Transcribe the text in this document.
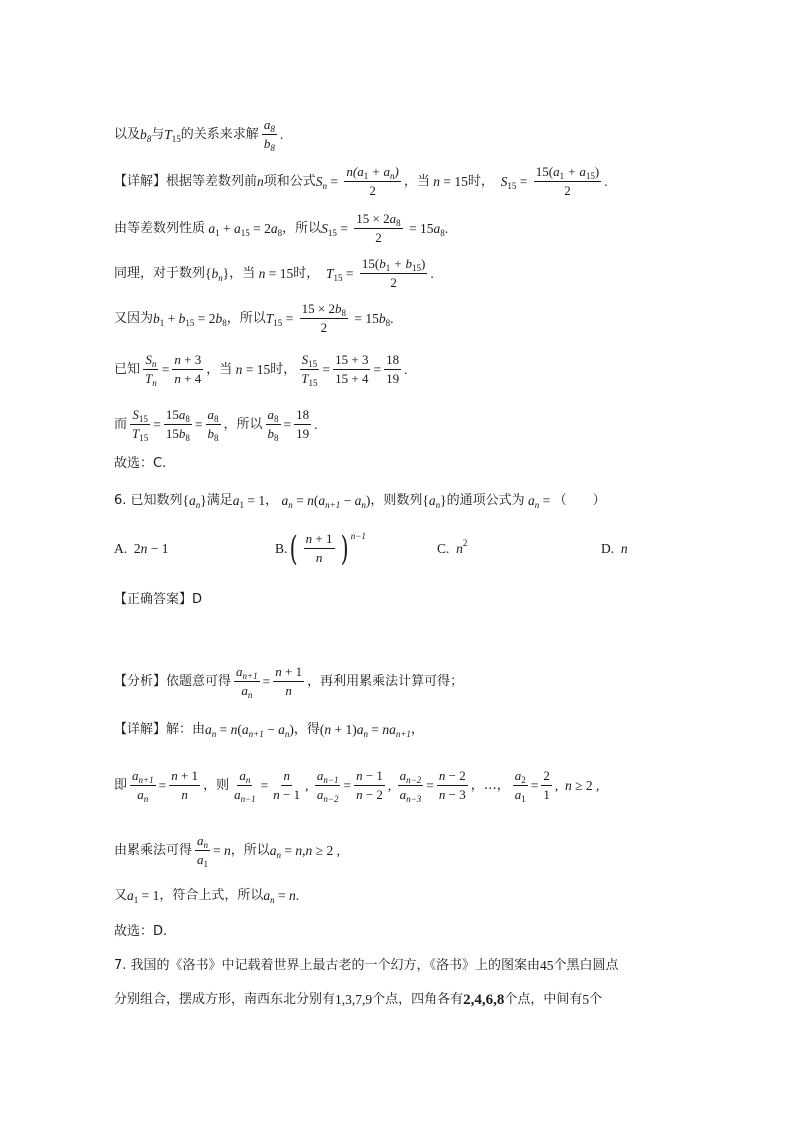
以及 $b_8$ 与 T $_{15}$ 的关系来求解 $\frac{a_8}{b_8}$ .
【详解】 根据等差数列前 n 项和公式 $S_n = \frac{n(a_1 + a_n)}{2}$ ，当 n = 15 时， S $_{15} = \frac{15(a_1 + a_{15})}{2}$ .
由等差数列性质 a $_1$ + a $_{15}$ = 2 a $_8$ ，所以 S $_{15} = \frac{15 \times 2a_8}{2} = 15$ a $_8$.
同理，对于数列 { $b_n$ } ，当 n = 15 时， T $_{15} = \frac{15(b_1 + b_{15})}{2}$ .
又因为 b $_1$ + b $_{15}$ = 2 b $_8$ ，所以 T $_{15} = \frac{15 \times 2b_8}{2} = 15$ b $_8$.
已知 $\frac{S_n}{T_n} = \frac{n + 3}{n + 4}$ ，当 n = 15 时， $\frac{S_{15}}{T_{15}} = \frac{15 + 3}{15 + 4} = \frac{18}{19}$ .
而 $\frac{S_{15}}{T_{15}} = \frac{15a_8}{15b_8} = \frac{a_8}{b_8}$ ，所以 $\frac{a_8}{b_8} = \frac{18}{19}$ .
故选：C.
6. 已知数列 { $a_n$ } 满足 a $_1$ = 1 ， $a_n = n$ ( $a_{n+1} - a_n$ ) ，则数列 { $a_n$ } 的通项公式为 $a_n$ = （　　）
A. 2 n − 1	B. ( $\frac{n + 1}{n}$ ) n−1
C. $n^2$	D. n
【正确答案】D
【分析】 依题意可得 $\frac{a_{n+1}}{a_n} = \frac{n + 1}{n}$ ，再利用累乘法计算可得；
【详解】 解：由 $a_n = n$ ( $a_{n+1} - a_n$ ) ，得 ( n + 1) $a_n = na_{n+1}$ ，
即 $\frac{a_{n+1}}{a_n} = \frac{n + 1}{n}$ ，则 $\frac{a_n}{a_{n-1}} = \frac{n}{n - 1}$ , $\frac{a_{n-1}}{a_{n-2}} = \frac{n - 1}{n - 2}$ , $\frac{a_{n-2}}{a_{n-3}} = \frac{n - 2}{n - 3}$ ，…， $\frac{a_2}{a_1} = \frac{2}{1}$ , n ≥ 2 ,
由累乘法可得 $\frac{a_n}{a_1} = n$ ，所以 $a_n = n$ , n ≥ 2 ,
又 a $_1$ = 1 ，符合上式，所以 $a_n = n$ .
故选：D.
7. 我国的《洛书》中记载着世界上最古老的一个幻方，《洛书》上的图案由 45 个黑白圆点
分别组合，摆成方形，南西东北分别有 1,3,7,9 个点，四角各有 2,4,6,8 个点，中间有 5 个
